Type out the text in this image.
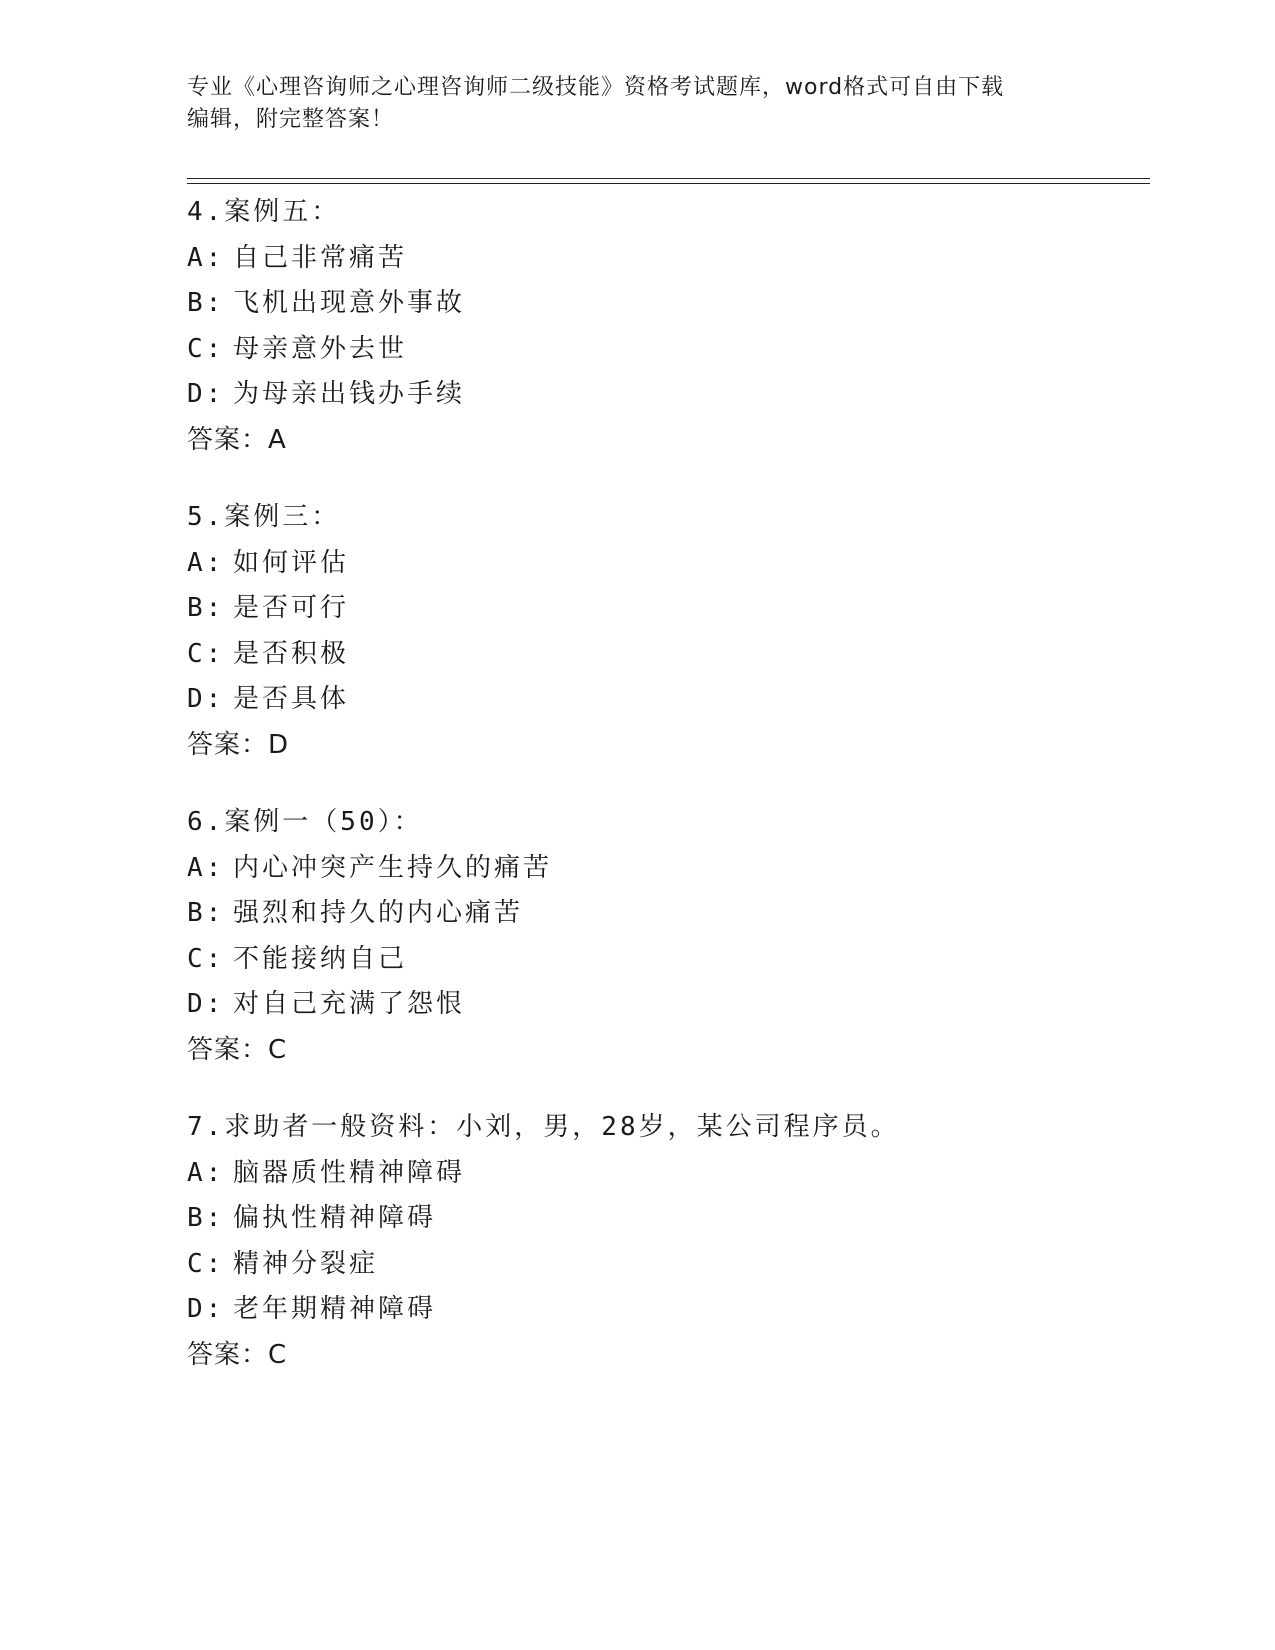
专业《心理咨询师之心理咨询师二级技能》资格考试题库，word格式可自由下载
编辑，附完整答案！
4.案例五：
A: 自己非常痛苦
B: 飞机出现意外事故
C: 母亲意外去世
D: 为母亲出钱办手续
答案：A
5.案例三：
A: 如何评估
B: 是否可行
C: 是否积极
D: 是否具体
答案：D
6.案例一（50）：
A: 内心冲突产生持久的痛苦
B: 强烈和持久的内心痛苦
C: 不能接纳自己
D: 对自己充满了怨恨
答案：C
7.求助者一般资料：小刘，男，28岁，某公司程序员。
A: 脑器质性精神障碍
B: 偏执性精神障碍
C: 精神分裂症
D: 老年期精神障碍
答案：C
